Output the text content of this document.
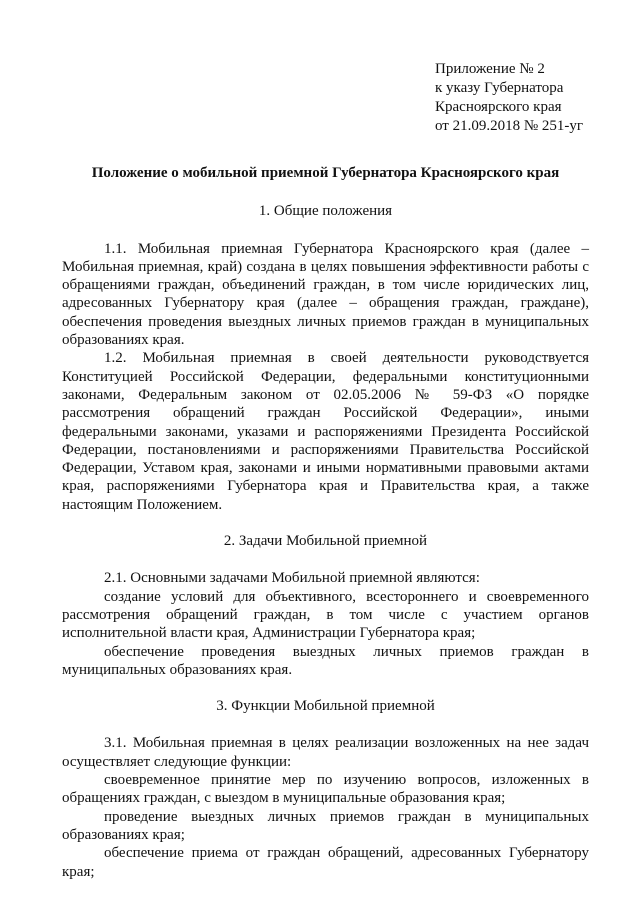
Приложение № 2
к указу Губернатора
Красноярского края
от 21.09.2018 № 251-уг

Положение о мобильной приемной Губернатора Красноярского края

1. Общие положения

1.1. Мобильная приемная Губернатора Красноярского края (далее – Мобильная приемная, край) создана в целях повышения эффективности работы с обращениями граждан, объединений граждан, в том числе юридических лиц, адресованных Губернатору края (далее – обращения граждан, граждане), обеспечения проведения выездных личных приемов граждан в муниципальных образованиях края.

1.2. Мобильная приемная в своей деятельности руководствуется Конституцией Российской Федерации, федеральными конституционными законами, Федеральным законом от 02.05.2006 № 59-ФЗ «О порядке рассмотрения обращений граждан Российской Федерации», иными федеральными законами, указами и распоряжениями Президента Российской Федерации, постановлениями и распоряжениями Правительства Российской Федерации, Уставом края, законами и иными нормативными правовыми актами края, распоряжениями Губернатора края и Правительства края, а также настоящим Положением.

2. Задачи Мобильной приемной

2.1. Основными задачами Мобильной приемной являются:

создание условий для объективного, всестороннего и своевременного рассмотрения обращений граждан, в том числе с участием органов исполнительной власти края, Администрации Губернатора края;

обеспечение проведения выездных личных приемов граждан в муниципальных образованиях края.

3. Функции Мобильной приемной

3.1. Мобильная приемная в целях реализации возложенных на нее задач осуществляет следующие функции:

своевременное принятие мер по изучению вопросов, изложенных в обращениях граждан, с выездом в муниципальные образования края;

проведение выездных личных приемов граждан в муниципальных образованиях края;

обеспечение приема от граждан обращений, адресованных Губернатору края;
